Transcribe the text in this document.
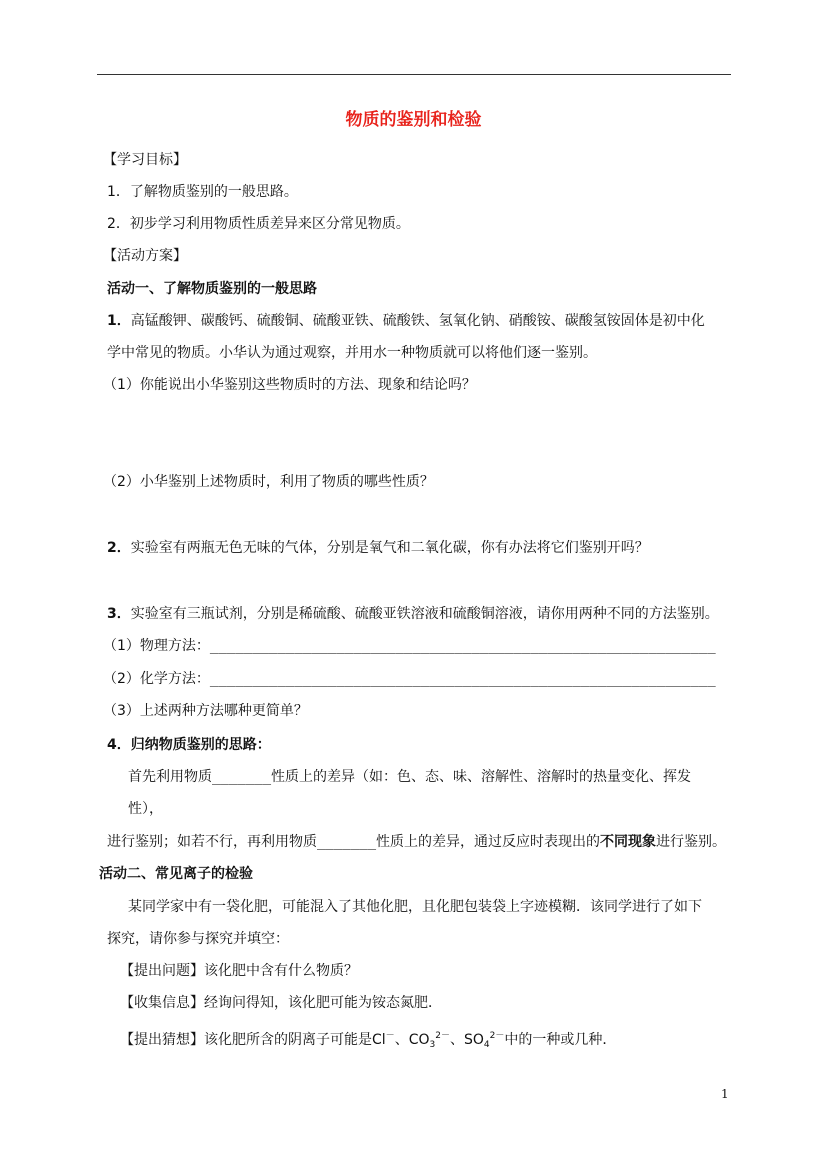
物质的鉴别和检验
【学习目标】
1．了解物质鉴别的一般思路。
2．初步学习利用物质性质差异来区分常见物质。
【活动方案】
活动一、了解物质鉴别的一般思路
1．高锰酸钾、碳酸钙、硫酸铜、硫酸亚铁、硫酸铁、氢氧化钠、硝酸铵、碳酸氢铵固体是初中化
学中常见的物质。小华认为通过观察，并用水一种物质就可以将他们逐一鉴别。
（1）你能说出小华鉴别这些物质时的方法、现象和结论吗？
（2）小华鉴别上述物质时，利用了物质的哪些性质？
2．实验室有两瓶无色无味的气体，分别是氧气和二氧化碳，你有办法将它们鉴别开吗？
3．实验室有三瓶试剂，分别是稀硫酸、硫酸亚铁溶液和硫酸铜溶液，请你用两种不同的方法鉴别。
（1）物理方法：____________________________________________________________
（2）化学方法：____________________________________________________________
（3）上述两种方法哪种更简单？
4．归纳物质鉴别的思路：
首先利用物质_______性质上的差异（如：色、态、味、溶解性、溶解时的热量变化、挥发
性），
进行鉴别；如若不行，再利用物质_______性质上的差异，通过反应时表现出的不同现象进行鉴别。
活动二、常见离子的检验
某同学家中有一袋化肥，可能混入了其他化肥，且化肥包装袋上字迹模糊．该同学进行了如下
探究，请你参与探究并填空：
【提出问题】该化肥中含有什么物质？
【收集信息】经询问得知，该化肥可能为铵态氮肥．
【提出猜想】该化肥所含的阴离子可能是Cl－、$CO_3^{2-}$、$SO_4^{2-}$中的一种或几种．
1
